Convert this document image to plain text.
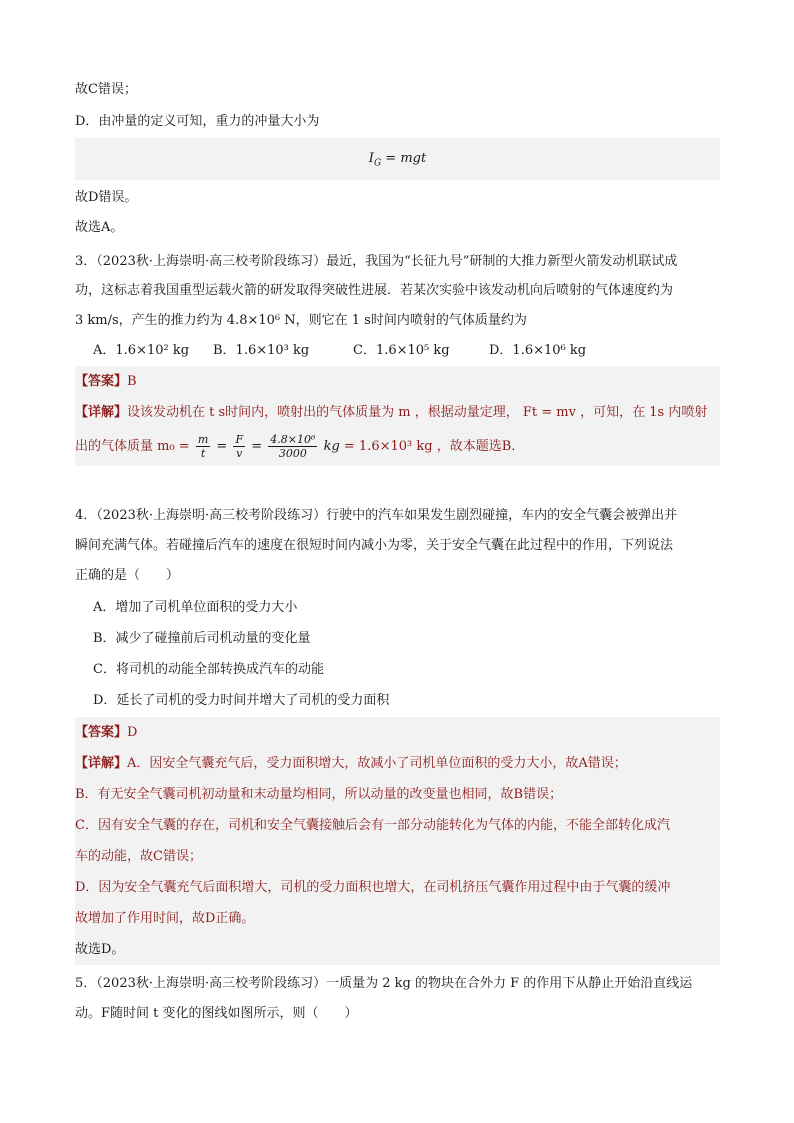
故C错误；
D．由冲量的定义可知，重力的冲量大小为
$I_G$ = mgt
故D错误。
故选A。
3．（2023秋·上海崇明·高三校考阶段练习）最近，我国为“长征九号”研制的大推力新型火箭发动机联试成
功，这标志着我国重型运载火箭的研发取得突破性进展．若某次实验中该发动机向后喷射的气体速度约为
3 km/s，产生的推力约为 4.8×10⁶ N，则它在 1 s时间内喷射的气体质量约为
A．1.6×10² kg B．1.6×10³ kg	C．1.6×10⁵ kg	D．1.6×10⁶ kg
【答案】B
【详解】设该发动机在 t s时间内，喷射出的气体质量为 m ，根据动量定理， Ft = mv ，可知，在 1s 内喷射
出的气体质量 $m_0 = \frac{m}{t} = \frac{F}{v} = \frac{\text{4.8×10⁶}}{3000}$ kg = 1.6×10³ kg ，故本题选B．
4．（2023秋·上海崇明·高三校考阶段练习）行驶中的汽车如果发生剧烈碰撞，车内的安全气囊会被弹出并
瞬间充满气体。若碰撞后汽车的速度在很短时间内减小为零，关于安全气囊在此过程中的作用，下列说法
正确的是（　　）
A．增加了司机单位面积的受力大小
B．减少了碰撞前后司机动量的变化量
C．将司机的动能全部转换成汽车的动能
D．延长了司机的受力时间并增大了司机的受力面积
【答案】D
【详解】A．因安全气囊充气后，受力面积增大，故减小了司机单位面积的受力大小，故A错误；
B．有无安全气囊司机初动量和末动量均相同，所以动量的改变量也相同，故B错误；
C．因有安全气囊的存在，司机和安全气囊接触后会有一部分动能转化为气体的内能，不能全部转化成汽
车的动能，故C错误；
D．因为安全气囊充气后面积增大，司机的受力面积也增大，在司机挤压气囊作用过程中由于气囊的缓冲
故增加了作用时间，故D正确。
故选D。
5．（2023秋·上海崇明·高三校考阶段练习）一质量为 2 kg 的物块在合外力 F 的作用下从静止开始沿直线运
动。F随时间 t 变化的图线如图所示，则（　　）
